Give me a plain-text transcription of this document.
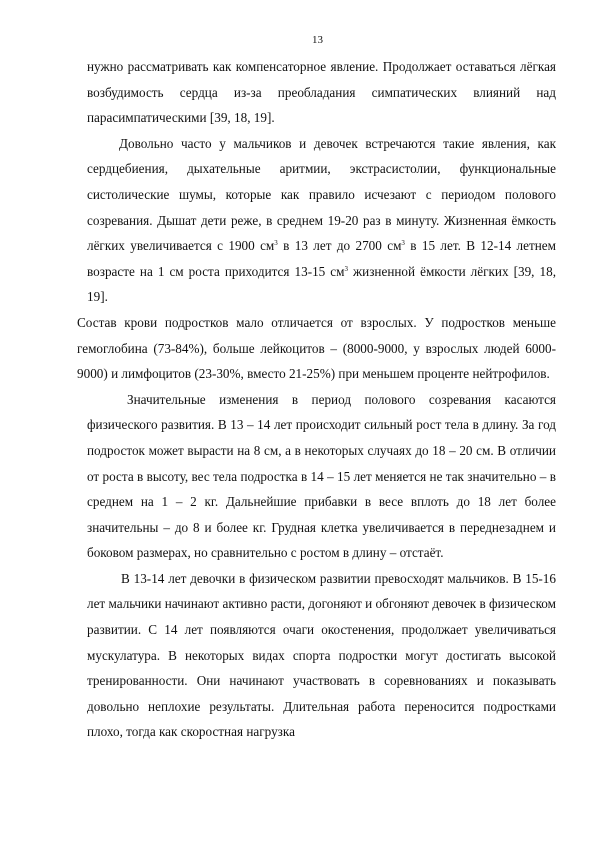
13

нужно рассматривать как компенсаторное явление. Продолжает оставаться лёгкая возбудимость сердца из-за преобладания симпатических влияний над парасимпатическими [39, 18, 19].

Довольно часто у мальчиков и девочек встречаются такие явления, как сердцебиения, дыхательные аритмии, экстрасистолии, функциональные систолические шумы, которые как правило исчезают с периодом полового созревания. Дышат дети реже, в среднем 19-20 раз в минуту. Жизненная ёмкость лёгких увеличивается с 1900 $см^3$ в 13 лет до 2700 $см^3$ в 15 лет. В 12-14 летнем возрасте на 1 см роста приходится 13-15 $см^3$ жизненной ёмкости лёгких [39, 18, 19].

Состав крови подростков мало отличается от взрослых. У подростков меньше гемоглобина (73-84%), больше лейкоцитов – (8000-9000, у взрослых людей 6000-9000) и лимфоцитов (23-30%, вместо 21-25%) при меньшем проценте нейтрофилов.

Значительные изменения в период полового созревания касаются физического развития. В 13 – 14 лет происходит сильный рост тела в длину. За год подросток может вырасти на 8 см, а в некоторых случаях до 18 – 20 см. В отличии от роста в высоту, вес тела подростка в 14 – 15 лет меняется не так значительно – в среднем на 1 – 2 кг. Дальнейшие прибавки в весе вплоть до 18 лет более значительны – до 8 и более кг. Грудная клетка увеличивается в переднезаднем и боковом размерах, но сравнительно с ростом в длину – отстаёт.

В 13-14 лет девочки в физическом развитии превосходят мальчиков. В 15-16 лет мальчики начинают активно расти, догоняют и обгоняют девочек в физическом развитии. С 14 лет появляются очаги окостенения, продолжает увеличиваться мускулатура. В некоторых видах спорта подростки могут достигать высокой тренированности. Они начинают участвовать в соревнованиях и показывать довольно неплохие результаты. Длительная работа переносится подростками плохо, тогда как скоростная нагрузка
